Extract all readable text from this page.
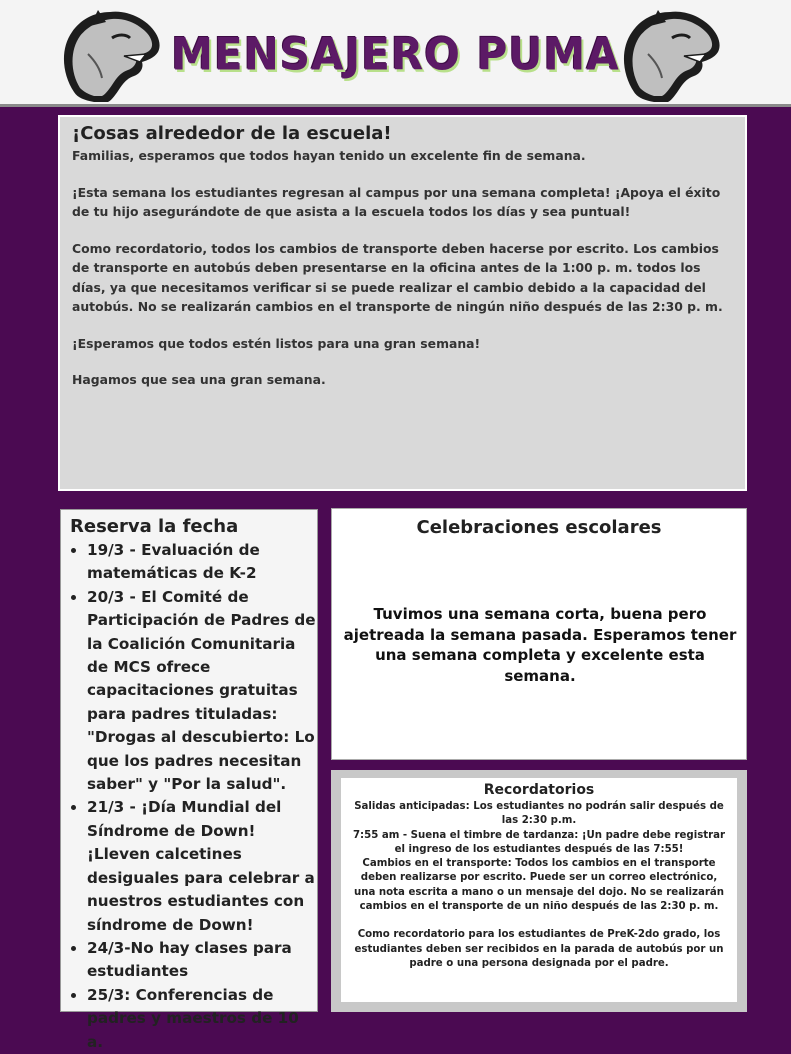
MENSAJERO PUMA
¡Cosas alrededor de la escuela!

Familias, esperamos que todos hayan tenido un excelente fin de semana.

¡Esta semana los estudiantes regresan al campus por una semana completa! ¡Apoya el éxito de tu hijo asegurándote de que asista a la escuela todos los días y sea puntual!

Como recordatorio, todos los cambios de transporte deben hacerse por escrito. Los cambios de transporte en autobús deben presentarse en la oficina antes de la 1:00 p. m. todos los días, ya que necesitamos verificar si se puede realizar el cambio debido a la capacidad del autobús. No se realizarán cambios en el transporte de ningún niño después de las 2:30 p. m.

¡Esperamos que todos estén listos para una gran semana!

Hagamos que sea una gran semana.

Reserva la fecha
• 19/3 - Evaluación de matemáticas de K-2
• 20/3 - El Comité de Participación de Padres de la Coalición Comunitaria de MCS ofrece capacitaciones gratuitas para padres tituladas: "Drogas al descubierto: Lo que los padres necesitan saber" y "Por la salud".
• 21/3 - ¡Día Mundial del Síndrome de Down! ¡Lleven calcetines desiguales para celebrar a nuestros estudiantes con síndrome de Down!
• 24/3-No hay clases para estudiantes
• 25/3: Conferencias de padres y maestros de 10 a.
Celebraciones escolares
Tuvimos una semana corta, buena pero ajetreada la semana pasada. Esperamos tener una semana completa y excelente esta semana.
Recordatorios

Salidas anticipadas: Los estudiantes no podrán salir después de las 2:30 p.m.

7:55 am - Suena el timbre de tardanza: ¡Un padre debe registrar el ingreso de los estudiantes después de las 7:55!

Cambios en el transporte: Todos los cambios en el transporte deben realizarse por escrito. Puede ser un correo electrónico, una nota escrita a mano o un mensaje del dojo. No se realizarán cambios en el transporte de un niño después de las 2:30 p. m.

Como recordatorio para los estudiantes de PreK-2do grado, los estudiantes deben ser recibidos en la parada de autobús por un padre o una persona designada por el padre.
